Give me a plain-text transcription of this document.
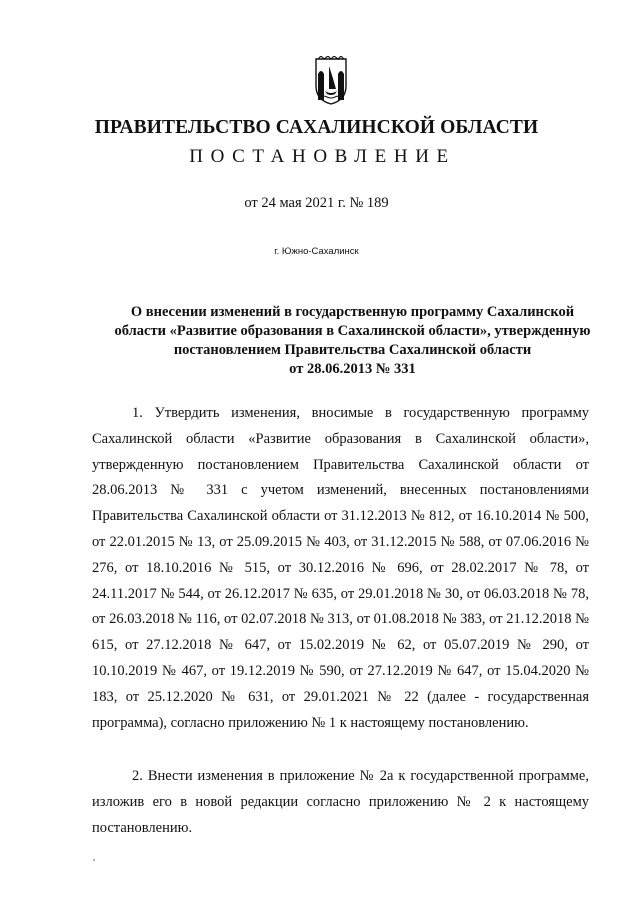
ПРАВИТЕЛЬСТВО САХАЛИНСКОЙ ОБЛАСТИ
ПОСТАНОВЛЕНИЕ
от 24 мая 2021 г. № 189
г. Южно-Сахалинск
О внесении изменений в государственную программу Сахалинской
области «Развитие образования в Сахалинской области», утвержденную
постановлением Правительства Сахалинской области
от 28.06.2013 № 331

1. Утвердить изменения, вносимые в государственную программу Сахалинской области «Развитие образования в Сахалинской области», утвержденную постановлением Правительства Сахалинской области от 28.06.2013 № 331 с учетом изменений, внесенных постановлениями Правительства Сахалинской области от 31.12.2013 № 812, от 16.10.2014 № 500, от 22.01.2015 № 13, от 25.09.2015 № 403, от 31.12.2015 № 588, от 07.06.2016 № 276, от 18.10.2016 № 515, от 30.12.2016 № 696, от 28.02.2017 № 78, от 24.11.2017 № 544, от 26.12.2017 № 635, от 29.01.2018 № 30, от 06.03.2018 № 78, от 26.03.2018 № 116, от 02.07.2018 № 313, от 01.08.2018 № 383, от 21.12.2018 № 615, от 27.12.2018 № 647, от 15.02.2019 № 62, от 05.07.2019 № 290, от 10.10.2019 № 467, от 19.12.2019 № 590, от 27.12.2019 № 647, от 15.04.2020 № 183, от 25.12.2020 № 631, от 29.01.2021 № 22 (далее - государственная программа), согласно приложению № 1 к настоящему постановлению.

2. Внести изменения в приложение № 2а к государственной программе, изложив его в новой редакции согласно приложению № 2 к настоящему постановлению.
